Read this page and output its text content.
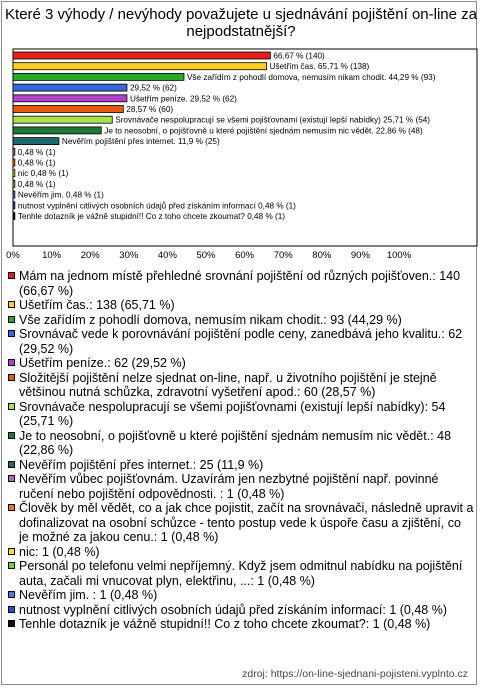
Které 3 výhody / nevýhody považujete u sjednávání pojištění on-line za nejpodstatnější?
66,67 % (140)
Ušetřím čas. 65,71 % (138)
Vše zařídím z pohodlí domova, nemusím nikam chodit. 44,29 % (93)
29,52 % (62)
Ušetřím peníze. 29,52 % (62)
28,57 % (60)
Srovnávače nespolupracují se všemi pojišťovnami (existují lepší nabídky) 25,71 % (54)
Je to neosobní, o pojišťovně u které pojištění sjednám nemusím nic vědět. 22,86 % (48)
Nevěřím pojištění přes internet. 11,9 % (25)
0,48 % (1)
0,48 % (1)
nic 0,48 % (1)
0,48 % (1)
Nevěřím jim. 0,48 % (1)
nutnost vyplnění citlivých osobních údajů před získáním informací 0,48 % (1)
Tenhle dotazník je vážně stupidní!! Co z toho chcete zkoumat? 0,48 % (1)
0% 10% 20% 30% 40% 50% 60% 70% 80% 90% 100%
Mám na jednom místě přehledné srovnání pojištění od různých pojišťoven.: 140 (66,67 %)
Ušetřím čas.: 138 (65,71 %)
Vše zařídím z pohodlí domova, nemusím nikam chodit.: 93 (44,29 %)
Srovnávač vede k porovnávání pojištění podle ceny, zanedbává jeho kvalitu.: 62 (29,52 %)
Ušetřím peníze.: 62 (29,52 %)
Složitější pojištění nelze sjednat on-line, např. u životního pojištění je stejně většinou nutná schůzka, zdravotní vyšetření apod.: 60 (28,57 %)
Srovnávače nespolupracují se všemi pojišťovnami (existují lepší nabídky): 54 (25,71 %)
Je to neosobní, o pojišťovně u které pojištění sjednám nemusím nic vědět.: 48 (22,86 %)
Nevěřím pojištění přes internet.: 25 (11,9 %)
Nevěřím vůbec pojišťovnám. Uzavírám jen nezbytné pojištění např. povinné ručení nebo pojištění odpovědnosti. : 1 (0,48 %)
Člověk by měl vědět, co a jak chce pojistit, začít na srovnávači, následně upravit a dofinalizovat na osobní schůzce - tento postup vede k úspoře času a zjištění, co je možné za jakou cenu.: 1 (0,48 %)
nic: 1 (0,48 %)
Personál po telefonu velmi nepříjemný. Když jsem odmitnul nabídku na pojištění auta, začali mi vnucovat plyn, elektřinu, ...: 1 (0,48 %)
Nevěřím jim. : 1 (0,48 %)
nutnost vyplnění citlivých osobních údajů před získáním informací: 1 (0,48 %)
Tenhle dotazník je vážně stupidní!! Co z toho chcete zkoumat?: 1 (0,48 %)
zdroj: https://on-line-sjednani-pojisteni.vyplnto.cz
